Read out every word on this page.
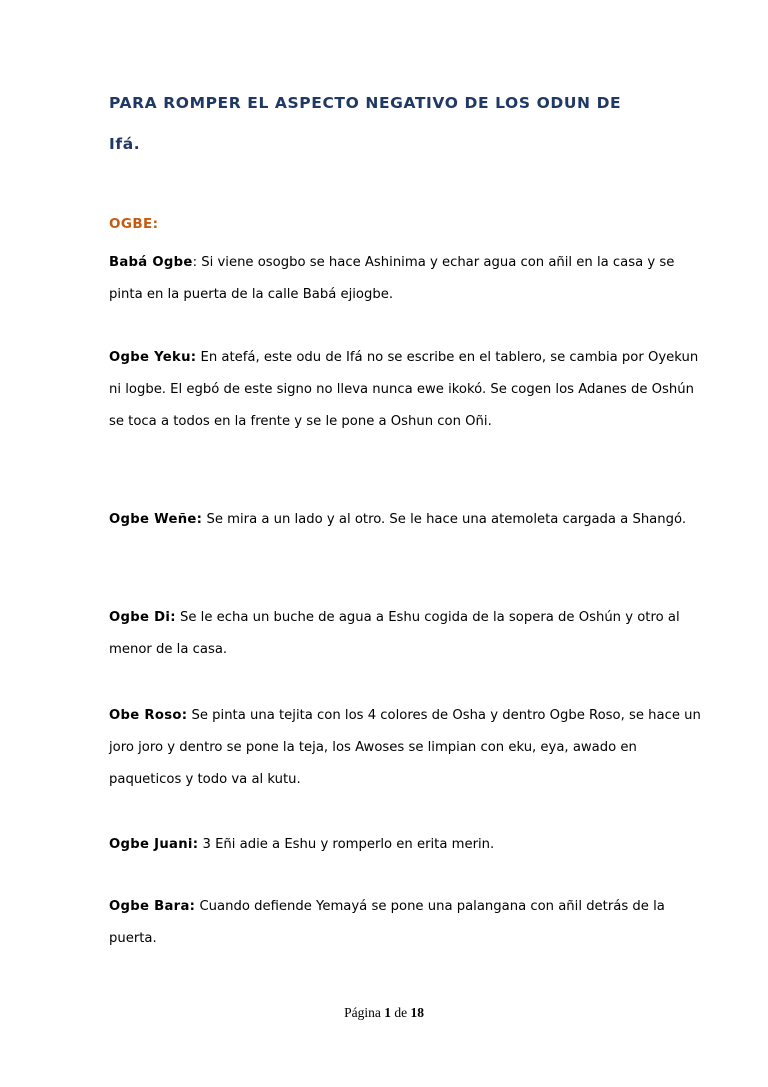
PARA ROMPER EL ASPECTO NEGATIVO DE LOS ODUN DE
Ifá.
OGBE:

Babá Ogbe: Si viene osogbo se hace Ashinima y echar agua con añil en la casa y se pinta en la puerta de la calle Babá ejiogbe.

Ogbe Yeku: En atefá, este odu de Ifá no se escribe en el tablero, se cambia por Oyekun ni logbe. El egbó de este signo no lleva nunca ewe ikokó. Se cogen los Adanes de Oshún se toca a todos en la frente y se le pone a Oshun con Oñi.

Ogbe Weñe: Se mira a un lado y al otro. Se le hace una atemoleta cargada a Shangó.

Ogbe Di: Se le echa un buche de agua a Eshu cogida de la sopera de Oshún y otro al menor de la casa.

Obe Roso: Se pinta una tejita con los 4 colores de Osha y dentro Ogbe Roso, se hace un joro joro y dentro se pone la teja, los Awoses se limpian con eku, eya, awado en paqueticos y todo va al kutu.

Ogbe Juani: 3 Eñi adie a Eshu y romperlo en erita merin.

Ogbe Bara: Cuando defiende Yemayá se pone una palangana con añil detrás de la puerta.

Página 1 de 18
